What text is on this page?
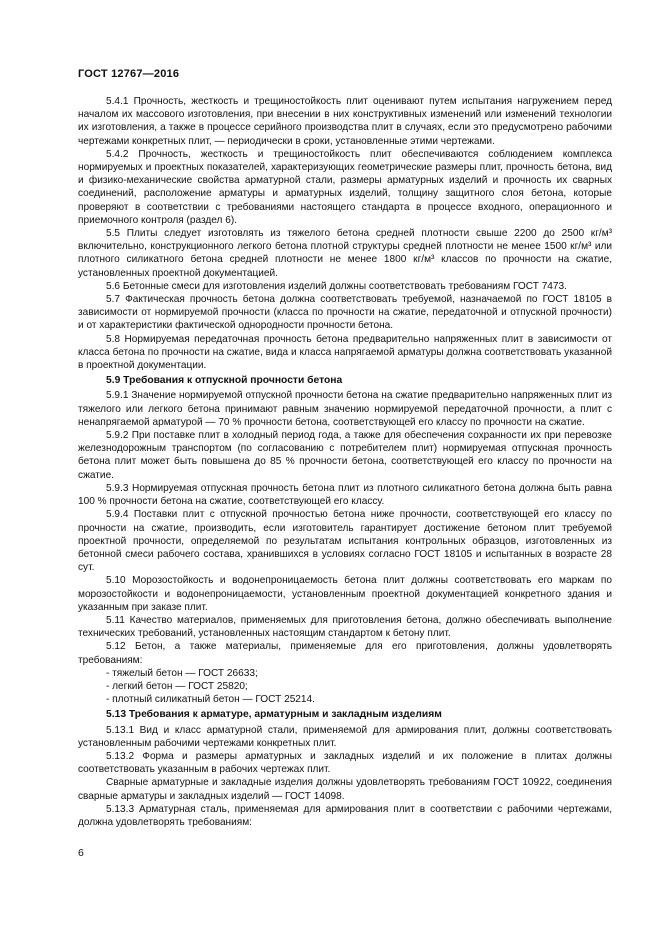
ГОСТ 12767—2016

5.4.1 Прочность, жесткость и трещиностойкость плит оценивают путем испытания нагружением перед началом их массового изготовления, при внесении в них конструктивных изменений или изменений технологии их изготовления, а также в процессе серийного производства плит в случаях, если это предусмотрено рабочими чертежами конкретных плит, — периодически в сроки, установленные этими чертежами.

5.4.2 Прочность, жесткость и трещиностойкость плит обеспечиваются соблюдением комплекса нормируемых и проектных показателей, характеризующих геометрические размеры плит, прочность бетона, вид и физико-механические свойства арматурной стали, размеры арматурных изделий и прочность их сварных соединений, расположение арматуры и арматурных изделий, толщину защитного слоя бетона, которые проверяют в соответствии с требованиями настоящего стандарта в процессе входного, операционного и приемочного контроля (раздел 6).

5.5 Плиты следует изготовлять из тяжелого бетона средней плотности свыше 2200 до 2500 кг/м³ включительно, конструкционного легкого бетона плотной структуры средней плотности не менее 1500 кг/м³ или плотного силикатного бетона средней плотности не менее 1800 кг/м³ классов по прочности на сжатие, установленных проектной документацией.

5.6 Бетонные смеси для изготовления изделий должны соответствовать требованиям ГОСТ 7473.

5.7 Фактическая прочность бетона должна соответствовать требуемой, назначаемой по ГОСТ 18105 в зависимости от нормируемой прочности (класса по прочности на сжатие, передаточной и отпускной прочности) и от характеристики фактической однородности прочности бетона.

5.8 Нормируемая передаточная прочность бетона предварительно напряженных плит в зависимости от класса бетона по прочности на сжатие, вида и класса напрягаемой арматуры должна соответствовать указанной в проектной документации.

5.9 Требования к отпускной прочности бетона

5.9.1 Значение нормируемой отпускной прочности бетона на сжатие предварительно напряженных плит из тяжелого или легкого бетона принимают равным значению нормируемой передаточной прочности, а плит с ненапрягаемой арматурой — 70 % прочности бетона, соответствующей его классу по прочности на сжатие.

5.9.2 При поставке плит в холодный период года, а также для обеспечения сохранности их при перевозке железнодорожным транспортом (по согласованию с потребителем плит) нормируемая отпускная прочность бетона плит может быть повышена до 85 % прочности бетона, соответствующей его классу по прочности на сжатие.

5.9.3 Нормируемая отпускная прочность бетона плит из плотного силикатного бетона должна быть равна 100 % прочности бетона на сжатие, соответствующей его классу.

5.9.4 Поставки плит с отпускной прочностью бетона ниже прочности, соответствующей его классу по прочности на сжатие, производить, если изготовитель гарантирует достижение бетоном плит требуемой проектной прочности, определяемой по результатам испытания контрольных образцов, изготовленных из бетонной смеси рабочего состава, хранившихся в условиях согласно ГОСТ 18105 и испытанных в возрасте 28 сут.

5.10 Морозостойкость и водонепроницаемость бетона плит должны соответствовать его маркам по морозостойкости и водонепроницаемости, установленным проектной документацией конкретного здания и указанным при заказе плит.

5.11 Качество материалов, применяемых для приготовления бетона, должно обеспечивать выполнение технических требований, установленных настоящим стандартом к бетону плит.

5.12 Бетон, а также материалы, применяемые для его приготовления, должны удовлетворять требованиям:

- тяжелый бетон — ГОСТ 26633;

- легкий бетон — ГОСТ 25820;

- плотный силикатный бетон — ГОСТ 25214.

5.13 Требования к арматуре, арматурным и закладным изделиям

5.13.1 Вид и класс арматурной стали, применяемой для армирования плит, должны соответствовать установленным рабочими чертежами конкретных плит.

5.13.2 Форма и размеры арматурных и закладных изделий и их положение в плитах должны соответствовать указанным в рабочих чертежах плит.

Сварные арматурные и закладные изделия должны удовлетворять требованиям ГОСТ 10922, соединения сварные арматуры и закладных изделий — ГОСТ 14098.

5.13.3 Арматурная сталь, применяемая для армирования плит в соответствии с рабочими чертежами, должна удовлетворять требованиям:

6
